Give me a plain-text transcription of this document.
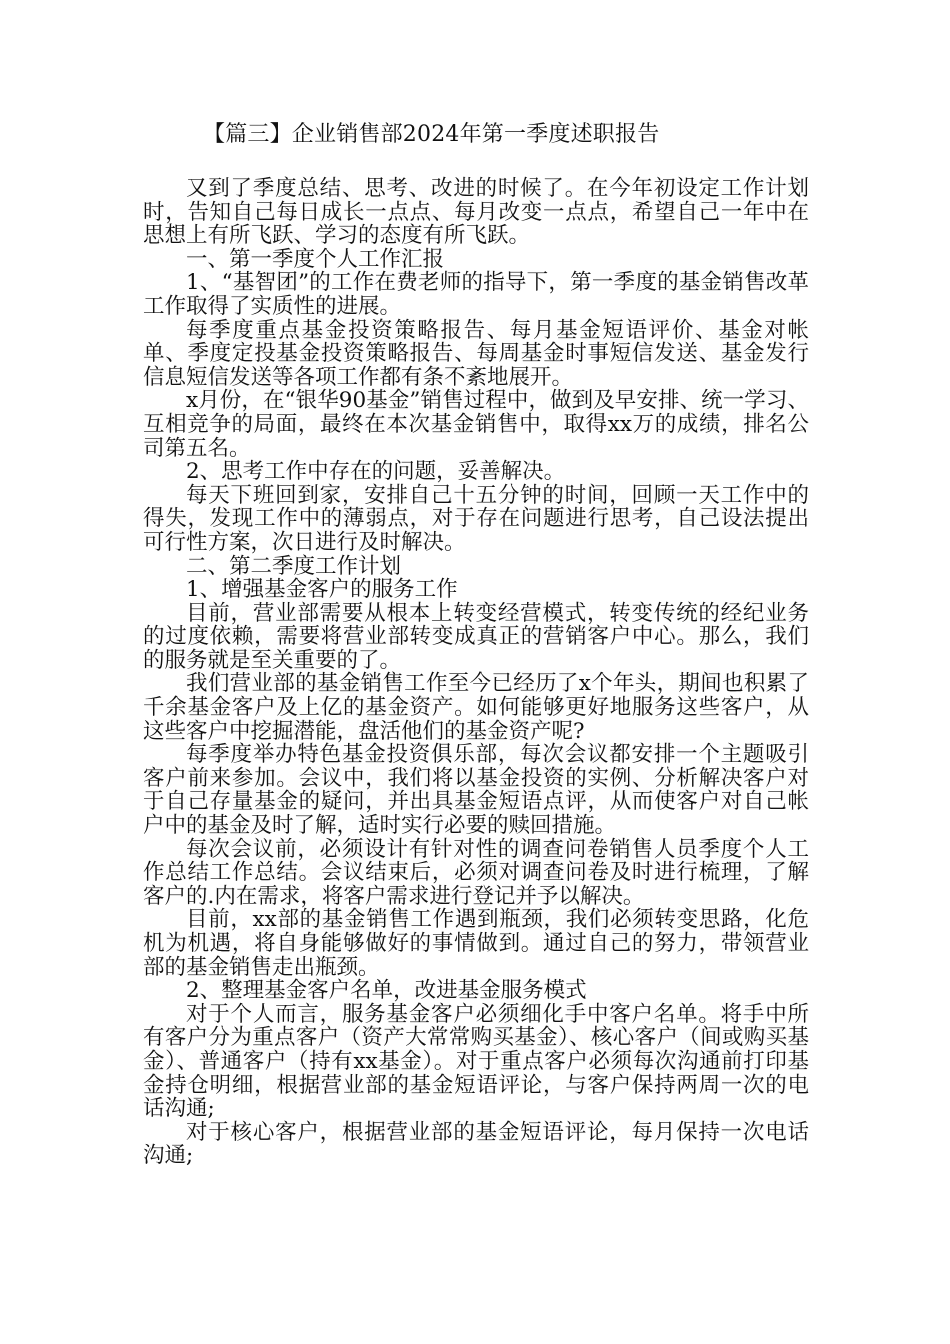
【篇三】企业销售部2024年第一季度述职报告

又到了季度总结、思考、改进的时候了。在今年初设定工作计划时，告知自己每日成长一点点、每月改变一点点，希望自己一年中在思想上有所飞跃、学习的态度有所飞跃。

一、第一季度个人工作汇报

1、“基智团”的工作在费老师的指导下，第一季度的基金销售改革工作取得了实质性的进展。

每季度重点基金投资策略报告、每月基金短语评价、基金对帐单、季度定投基金投资策略报告、每周基金时事短信发送、基金发行信息短信发送等各项工作都有条不紊地展开。

x月份，在“银华90基金”销售过程中，做到及早安排、统一学习、互相竞争的局面，最终在本次基金销售中，取得xx万的成绩，排名公司第五名。

2、思考工作中存在的问题，妥善解决。

每天下班回到家，安排自己十五分钟的时间，回顾一天工作中的得失，发现工作中的薄弱点，对于存在问题进行思考，自己设法提出可行性方案，次日进行及时解决。

二、第二季度工作计划

1、增强基金客户的服务工作

目前，营业部需要从根本上转变经营模式，转变传统的经纪业务的过度依赖，需要将营业部转变成真正的营销客户中心。那么，我们的服务就是至关重要的了。

我们营业部的基金销售工作至今已经历了x个年头，期间也积累了千余基金客户及上亿的基金资产。如何能够更好地服务这些客户，从这些客户中挖掘潜能，盘活他们的基金资产呢?

每季度举办特色基金投资俱乐部，每次会议都安排一个主题吸引客户前来参加。会议中，我们将以基金投资的实例、分析解决客户对于自己存量基金的疑问，并出具基金短语点评，从而使客户对自己帐户中的基金及时了解，适时实行必要的赎回措施。

每次会议前，必须设计有针对性的调查问卷销售人员季度个人工作总结工作总结。会议结束后，必须对调查问卷及时进行梳理，了解客户的.内在需求，将客户需求进行登记并予以解决。

目前，xx部的基金销售工作遇到瓶颈，我们必须转变思路，化危机为机遇，将自身能够做好的事情做到。通过自己的努力，带领营业部的基金销售走出瓶颈。

2、整理基金客户名单，改进基金服务模式

对于个人而言，服务基金客户必须细化手中客户名单。将手中所有客户分为重点客户（资产大常常购买基金）、核心客户（间或购买基金）、普通客户（持有xx基金）。对于重点客户必须每次沟通前打印基金持仓明细，根据营业部的基金短语评论，与客户保持两周一次的电话沟通;

对于核心客户，根据营业部的基金短语评论，每月保持一次电话沟通;
